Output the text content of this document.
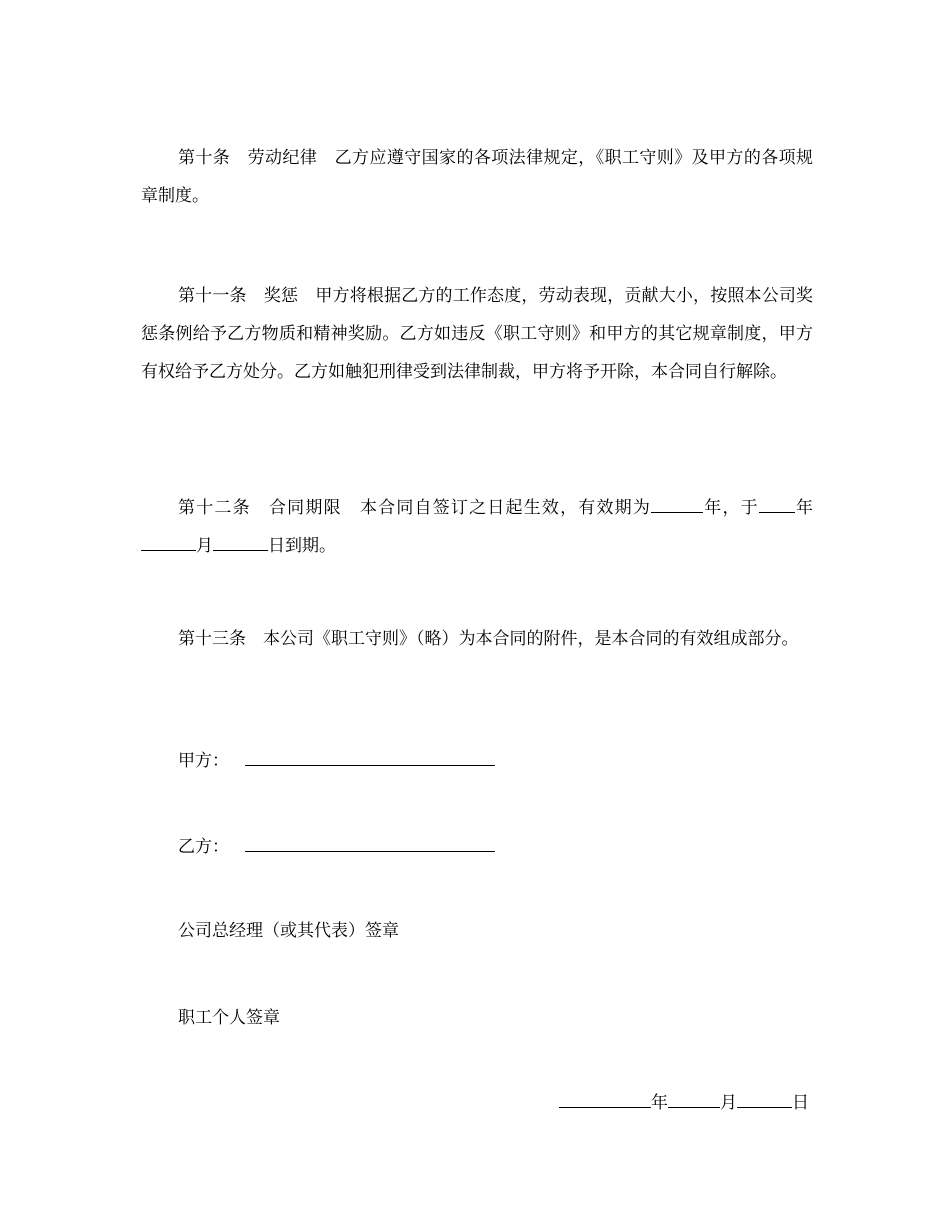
第十条　 劳动纪律　 乙方应遵守国家的各项法律规定，《职工守则》及甲方的各项规章制度。

第十一条　 奖惩　 甲方将根据乙方的工作态度，劳动表现，贡献大小，按照本公司奖惩条例给予乙方物质和精神奖励。乙方如违反《职工守则》和甲方的其它规章制度，甲方有权给予乙方处分。乙方如触犯刑律受到法律制裁，甲方将予开除，本合同自行解除。

第十二条　 合同期限　 本合同自签订之日起生效，有效期为	年，于 年月	日到期。

第十三条　 本公司《职工守则》（略）为本合同的附件，是本合同的有效组成部分。

甲方：

乙方：

公司总经理（或其代表）签章

职工个人签章

年	月	日
